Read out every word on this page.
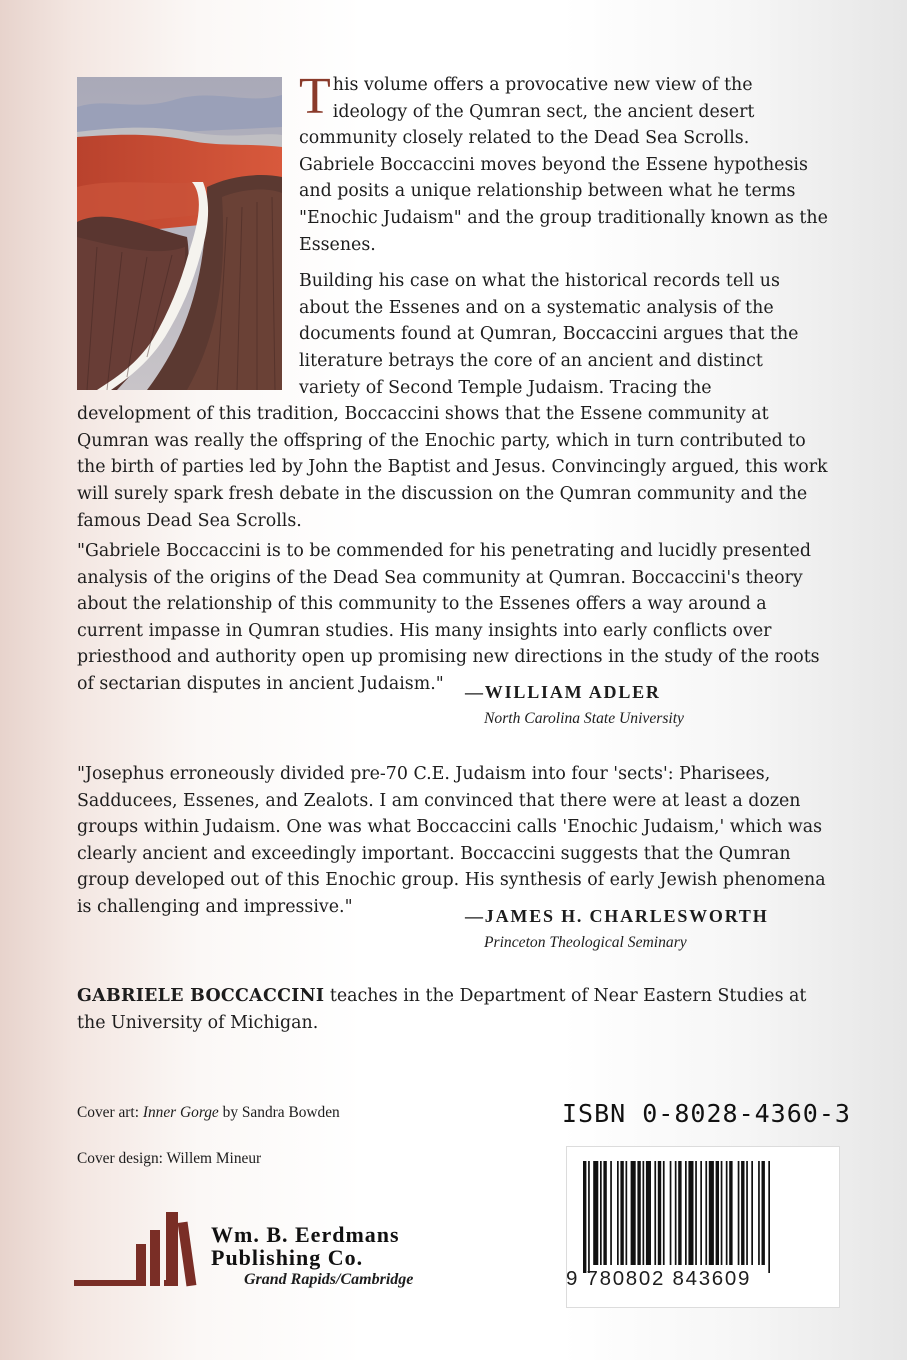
This volume offers a provocative new view of the ideology of the Qumran sect, the ancient desert community closely related to the Dead Sea Scrolls. Gabriele Boccaccini moves beyond the Essene hypothesis and posits a unique relationship between what he terms "Enochic Judaism" and the group traditionally known as the Essenes.

Building his case on what the historical records tell us about the Essenes and on a systematic analysis of the documents found at Qumran, Boccaccini argues that the literature betrays the core of an ancient and distinct variety of Second Temple Judaism. Tracing the development of this tradition, Boccaccini shows that the Essene community at Qumran was really the offspring of the Enochic party, which in turn contributed to the birth of parties led by John the Baptist and Jesus. Convincingly argued, this work will surely spark fresh debate in the discussion on the Qumran community and the famous Dead Sea Scrolls.

"Gabriele Boccaccini is to be commended for his penetrating and lucidly presented analysis of the origins of the Dead Sea community at Qumran. Boccaccini's theory about the relationship of this community to the Essenes offers a way around a current impasse in Qumran studies. His many insights into early conflicts over priesthood and authority open up promising new directions in the study of the roots of sectarian disputes in ancient Judaism."	—WILLIAM ADLER
North Carolina State University

"Josephus erroneously divided pre-70 C.E. Judaism into four 'sects': Pharisees, Sadducees, Essenes, and Zealots. I am convinced that there were at least a dozen groups within Judaism. One was what Boccaccini calls 'Enochic Judaism,' which was clearly ancient and exceedingly important. Boccaccini suggests that the Qumran group developed out of this Enochic group. His synthesis of early Jewish phenomena is challenging and impressive."	—JAMES H. CHARLESWORTH
Princeton Theological Seminary

GABRIELE BOCCACCINI teaches in the Department of Near Eastern Studies at the University of Michigan.

Cover art: Inner Gorge by Sandra Bowden
Cover design: Willem Mineur
ISBN 0-8028-4360-3
9 780802 843609
Wm. B. Eerdmans
Publishing Co.
Grand Rapids/Cambridge
